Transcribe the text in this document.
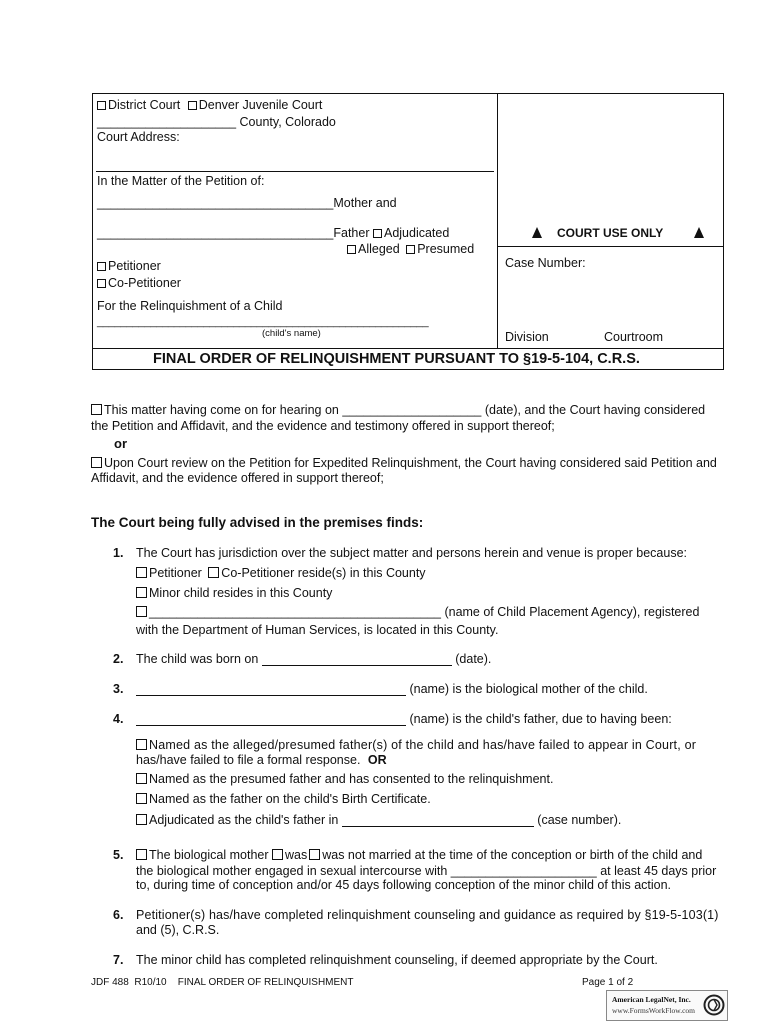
District Court Denver Juvenile Court
____________________ County, Colorado
Court Address:
In the Matter of the Petition of:
__________________________________Mother and
__________________________________Father Adjudicated
Alleged Presumed
Petitioner
Co-Petitioner
For the Relinquishment of a Child
________________________________________________________
(child's name)
COURT USE ONLY
Case Number:
Division	Courtroom
FINAL ORDER OF RELINQUISHMENT PURSUANT TO §19-5-104, C.R.S.
This matter having come on for hearing on ____________________ (date), and the Court having considered
the Petition and Affidavit, and the evidence and testimony offered in support thereof;
or
Upon Court review on the Petition for Expedited Relinquishment, the Court having considered said Petition and
Affidavit, and the evidence offered in support thereof;
The Court being fully advised in the premises finds:
1. The Court has jurisdiction over the subject matter and persons herein and venue is proper because:
Petitioner Co-Petitioner reside(s) in this County
Minor child resides in this County
__________________________________________ (name of Child Placement Agency), registered
with the Department of Human Services, is located in this County.
2. The child was born on	(date).
3.	(name) is the biological mother of the child.
4.	(name) is the child's father, due to having been:
Named as the alleged/presumed father(s) of the child and has/have failed to appear in Court, or
has/have failed to file a formal response. OR
Named as the presumed father and has consented to the relinquishment.
Named as the father on the child's Birth Certificate.
Adjudicated as the child's father in	(case number).
5.	The biological mother was was not married at the time of the conception or birth of the child and
the biological mother engaged in sexual intercourse with _____________________ at least 45 days prior
to, during time of conception and/or 45 days following conception of the minor child of this action.
6. Petitioner(s) has/have completed relinquishment counseling and guidance as required by §19-5-103(1)
and (5), C.R.S.
7. The minor child has completed relinquishment counseling, if deemed appropriate by the Court.
JDF 488 R10/10 FINAL ORDER OF RELINQUISHMENT	Page 1 of 2
American LegalNet, Inc.
www.FormsWorkFlow.com
